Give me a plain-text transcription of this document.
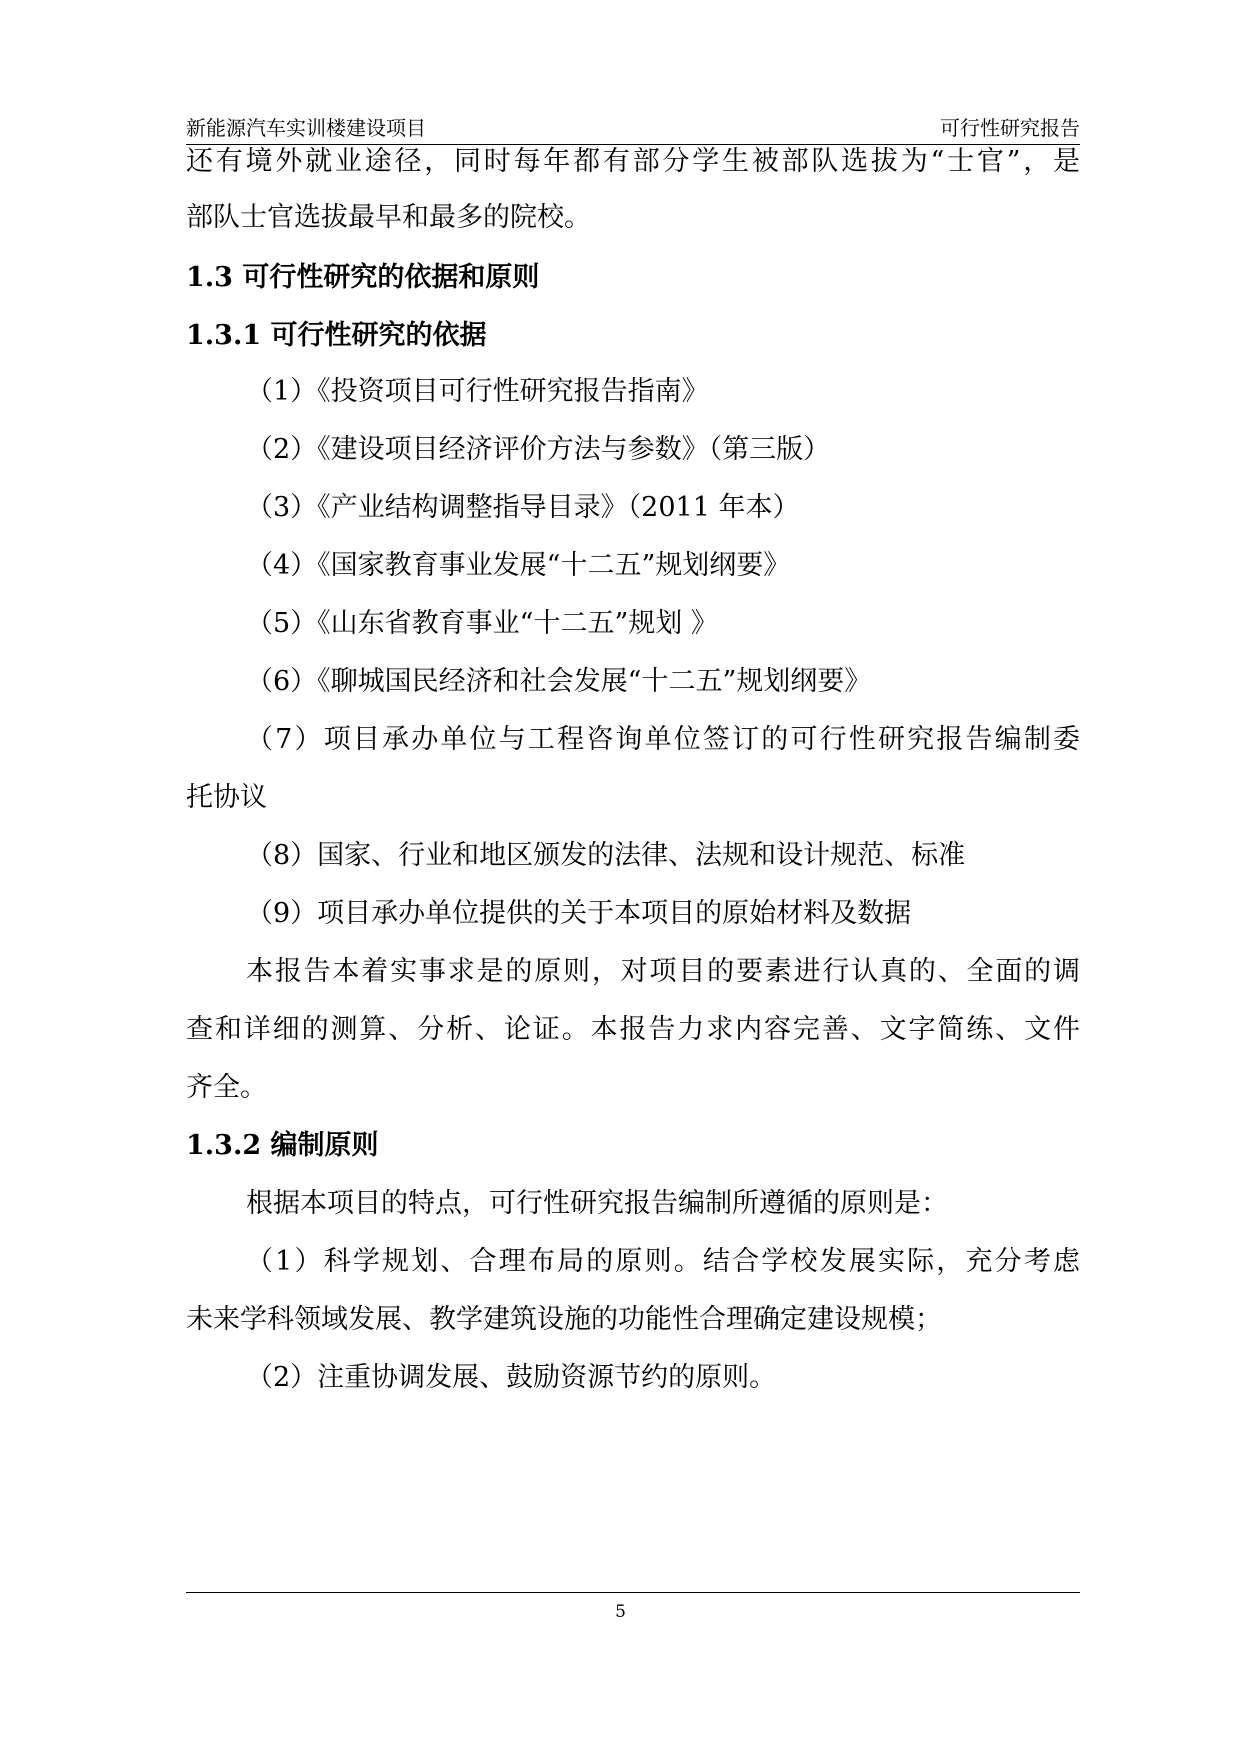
新能源汽车实训楼建设项目	可行性研究报告
还有境外就业途径，同时每年都有部分学生被部队选拔为“士官”，是
部队士官选拔最早和最多的院校。
1.3 可行性研究的依据和原则
1.3.1 可行性研究的依据
（1）《投资项目可行性研究报告指南》
（2）《建设项目经济评价方法与参数》（第三版）
（3）《产业结构调整指导目录》（2011 年本）
（4）《国家教育事业发展“十二五”规划纲要》
（5）《山东省教育事业“十二五”规划 》
（6）《聊城国民经济和社会发展“十二五”规划纲要》
（7）项目承办单位与工程咨询单位签订的可行性研究报告编制委
托协议
（8）国家、行业和地区颁发的法律、法规和设计规范、标准
（9）项目承办单位提供的关于本项目的原始材料及数据
本报告本着实事求是的原则，对项目的要素进行认真的、全面的调
查和详细的测算、分析、论证。本报告力求内容完善、文字简练、文件
齐全。
1.3.2 编制原则
根据本项目的特点，可行性研究报告编制所遵循的原则是：
（1）科学规划、合理布局的原则。结合学校发展实际，充分考虑
未来学科领域发展、教学建筑设施的功能性合理确定建设规模；
（2）注重协调发展、鼓励资源节约的原则。
5
